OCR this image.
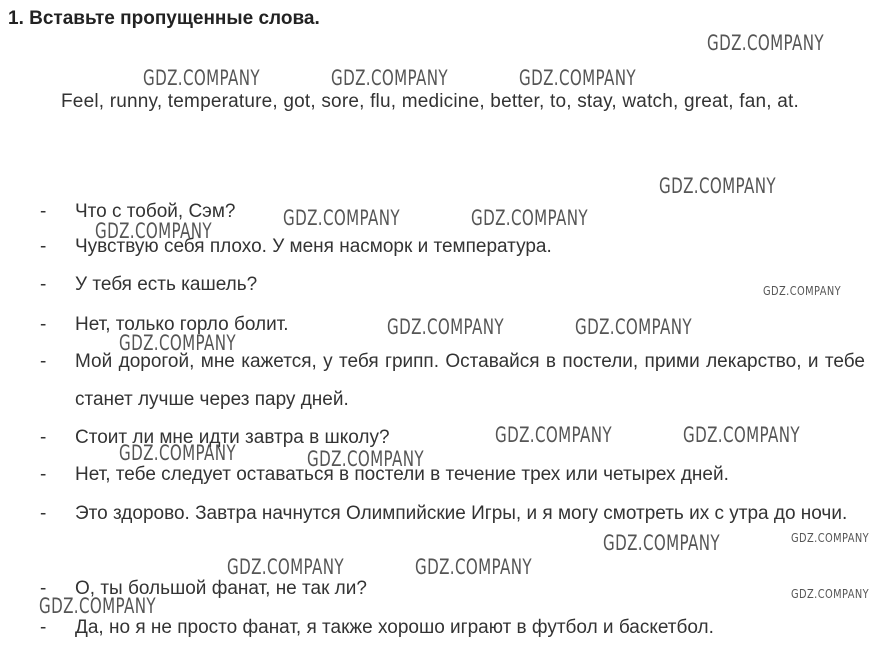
1. Вставьте пропущенные слова.
Feel, runny, temperature, got, sore, flu, medicine, better, to, stay, watch, great, fan, at.
- Что с тобой, Сэм?
- Чувствую себя плохо. У меня насморк и температура.
- У тебя есть кашель?
- Нет, только горло болит.
- Мой дорогой, мне кажется, у тебя грипп. Оставайся в постели, прими лекарство, и тебе станет лучше через пару дней.
- Стоит ли мне идти завтра в школу?
- Нет, тебе следует оставаться в постели в течение трех или четырех дней.
- Это здорово. Завтра начнутся Олимпийские Игры, и я могу смотреть их с утра до ночи.
- О, ты большой фанат, не так ли?
- Да, но я не просто фанат, я также хорошо играют в футбол и баскетбол.
GDZ.COMPANY
GDZ.COMPANY	GDZ.COMPANY	GDZ.COMPANY
GDZ.COMPANY
GDZ.COMPANY	GDZ.COMPANY
GDZ.COMPANY
GDZ.COMPANY
GDZ.COMPANY	GDZ.COMPANY
GDZ.COMPANY
GDZ.COMPANY	GDZ.COMPANY
GDZ.COMPANY	GDZ.COMPANY
GDZ.COMPANY	GDZ.COMPANY
GDZ.COMPANY	GDZ.COMPANY
GDZ.COMPANY
GDZ.COMPANY
